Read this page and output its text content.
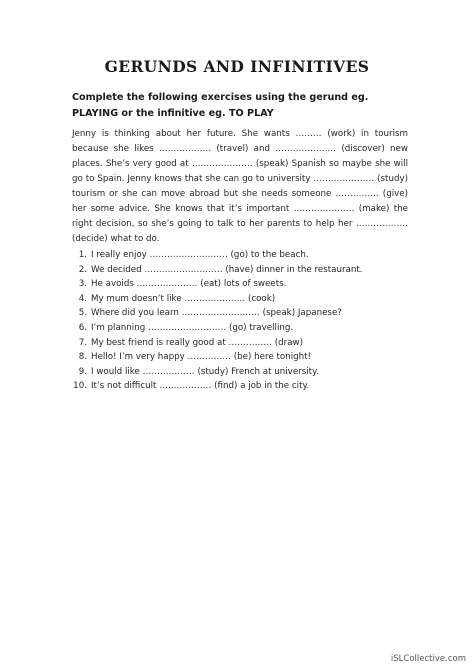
GERUNDS AND INFINITIVES
Complete the following exercises using the gerund eg. PLAYING or the infinitive eg. TO PLAY
Jenny is thinking about her future. She wants ……… (work) in tourism because she likes ……………… (travel) and ………………… (discover) new places. She’s very good at ………………… (speak) Spanish so maybe she will go to Spain. Jenny knows that she can go to university ………………… (study) tourism or she can move abroad but she needs someone …………… (give) her some advice. She knows that it’s important ………………… (make) the right decision, so she’s going to talk to her parents to help her ……………… (decide) what to do.
1. I really enjoy ……………………… (go) to the beach.
2. We decided ……………………… (have) dinner in the restaurant.
3. He avoids ………………… (eat) lots of sweets.
4. My mum doesn’t like ………………… (cook)
5. Where did you learn ……………………… (speak) Japanese?
6. I’m planning ……………………… (go) travelling.
7. My best friend is really good at …………… (draw)
8. Hello! I’m very happy …………… (be) here tonight!
9. I would like ……………… (study) French at university.
10. It’s not difficult ……………… (find) a job in the city.
iSLCollective.com
